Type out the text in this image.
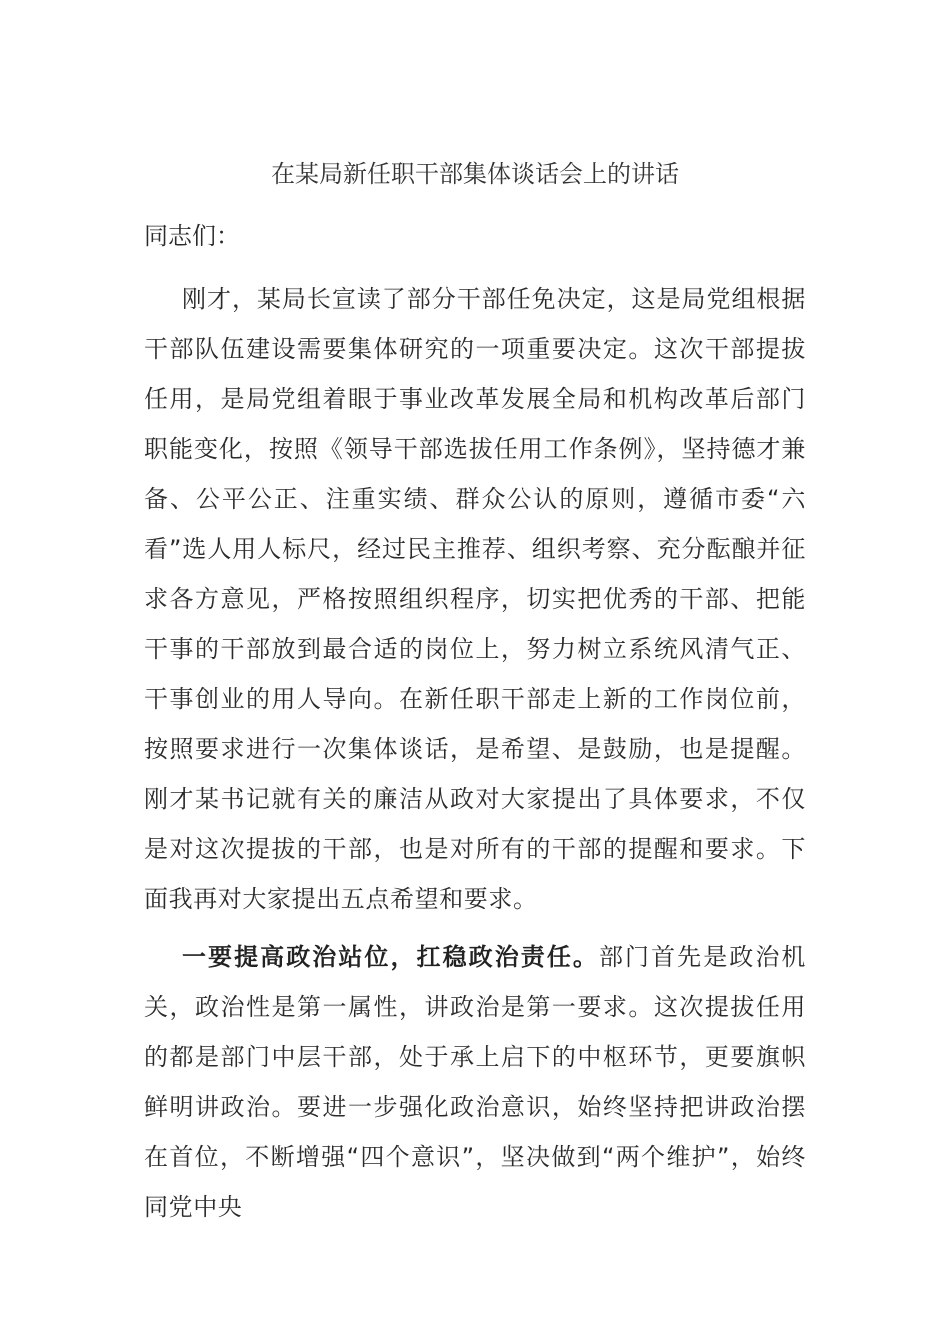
在某局新任职干部集体谈话会上的讲话
同志们：

刚才，某局长宣读了部分干部任免决定，这是局党组根据干部队伍建设需要集体研究的一项重要决定。这次干部提拔任用，是局党组着眼于事业改革发展全局和机构改革后部门职能变化，按照《领导干部选拔任用工作条例》，坚持德才兼备、公平公正、注重实绩、群众公认的原则，遵循市委“六看”选人用人标尺，经过民主推荐、组织考察、充分酝酿并征求各方意见，严格按照组织程序，切实把优秀的干部、把能干事的干部放到最合适的岗位上，努力树立系统风清气正、干事创业的用人导向。在新任职干部走上新的工作岗位前，按照要求进行一次集体谈话，是希望、是鼓励，也是提醒。刚才某书记就有关的廉洁从政对大家提出了具体要求，不仅是对这次提拔的干部，也是对所有的干部的提醒和要求。下面我再对大家提出五点希望和要求。

一要提高政治站位，扛稳政治责任。部门首先是政治机关，政治性是第一属性，讲政治是第一要求。这次提拔任用的都是部门中层干部，处于承上启下的中枢环节，更要旗帜鲜明讲政治。要进一步强化政治意识，始终坚持把讲政治摆在首位，不断增强“四个意识”，坚决做到“两个维护”，始终同党中央
